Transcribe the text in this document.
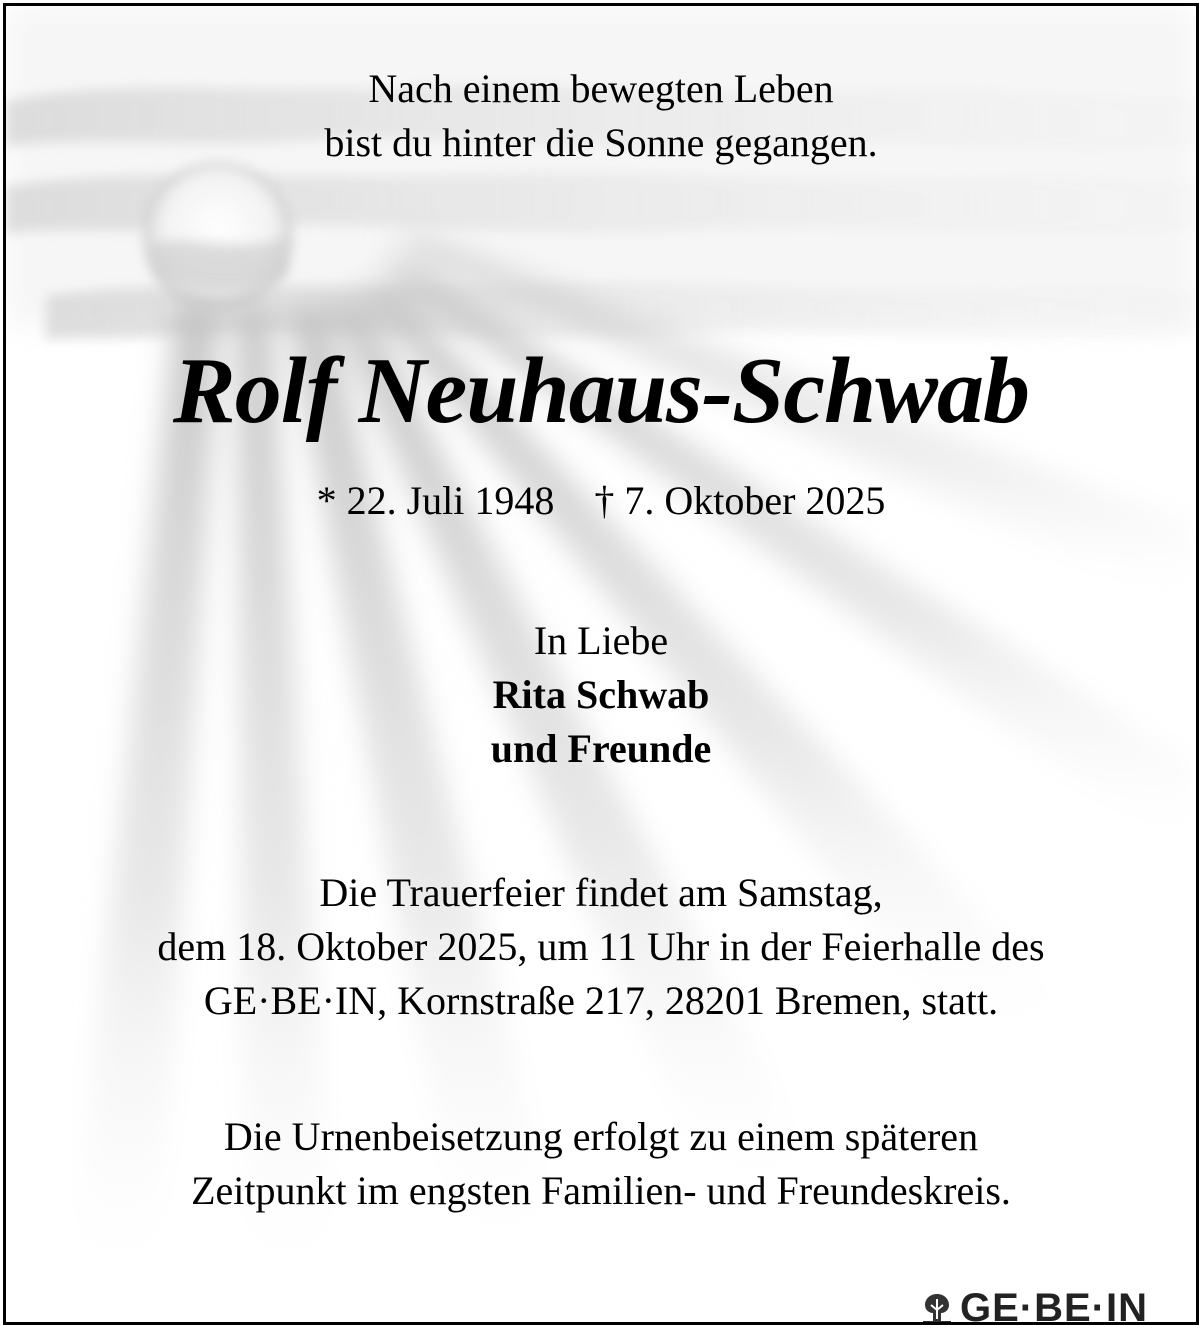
Nach einem bewegten Leben
bist du hinter die Sonne gegangen.
Rolf Neuhaus-Schwab
* 22. Juli 1948 † 7. Oktober 2025
In Liebe
Rita Schwab
und Freunde
Die Trauerfeier findet am Samstag,
dem 18. Oktober 2025, um 11 Uhr in der Feierhalle des
GE·BE·IN, Kornstraße 217, 28201 Bremen, statt.
Die Urnenbeisetzung erfolgt zu einem späteren
Zeitpunkt im engsten Familien- und Freundeskreis.
GE·BE·IN
